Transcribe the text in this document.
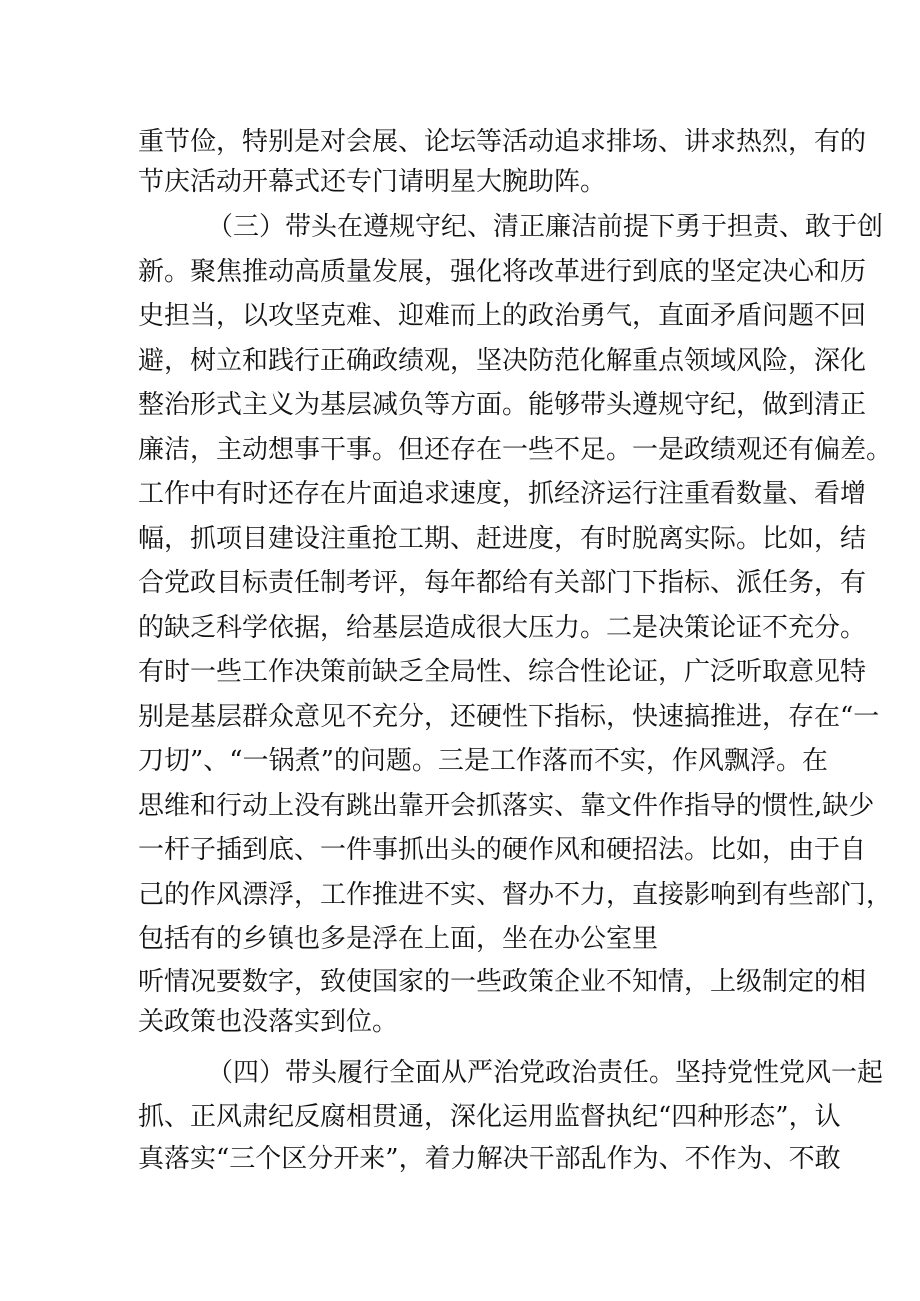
重节俭，特别是对会展、论坛等活动追求排场、讲求热烈，有的
节庆活动开幕式还专门请明星大腕助阵。
（三）带头在遵规守纪、清正廉洁前提下勇于担责、敢于创
新。聚焦推动高质量发展，强化将改革进行到底的坚定决心和历
史担当，以攻坚克难、迎难而上的政治勇气，直面矛盾问题不回
避，树立和践行正确政绩观，坚决防范化解重点领域风险，深化
整治形式主义为基层减负等方面。能够带头遵规守纪，做到清正
廉洁，主动想事干事。但还存在一些不足。一是政绩观还有偏差。
工作中有时还存在片面追求速度，抓经济运行注重看数量、看增
幅，抓项目建设注重抢工期、赶进度，有时脱离实际。比如，结
合党政目标责任制考评，每年都给有关部门下指标、派任务，有
的缺乏科学依据，给基层造成很大压力。二是决策论证不充分。
有时一些工作决策前缺乏全局性、综合性论证，广泛听取意见特
别是基层群众意见不充分，还硬性下指标，快速搞推进，存在“一
刀切”、“一锅煮”的问题。三是工作落而不实，作风飘浮。在
思维和行动上没有跳出靠开会抓落实、靠文件作指导的惯性,缺少
一杆子插到底、一件事抓出头的硬作风和硬招法。比如，由于自
己的作风漂浮，工作推进不实、督办不力，直接影响到有些部门，
包括有的乡镇也多是浮在上面，坐在办公室里
听情况要数字，致使国家的一些政策企业不知情，上级制定的相
关政策也没落实到位。
（四）带头履行全面从严治党政治责任。坚持党性党风一起
抓、正风肃纪反腐相贯通，深化运用监督执纪“四种形态”，认
真落实“三个区分开来”，着力解决干部乱作为、不作为、不敢
